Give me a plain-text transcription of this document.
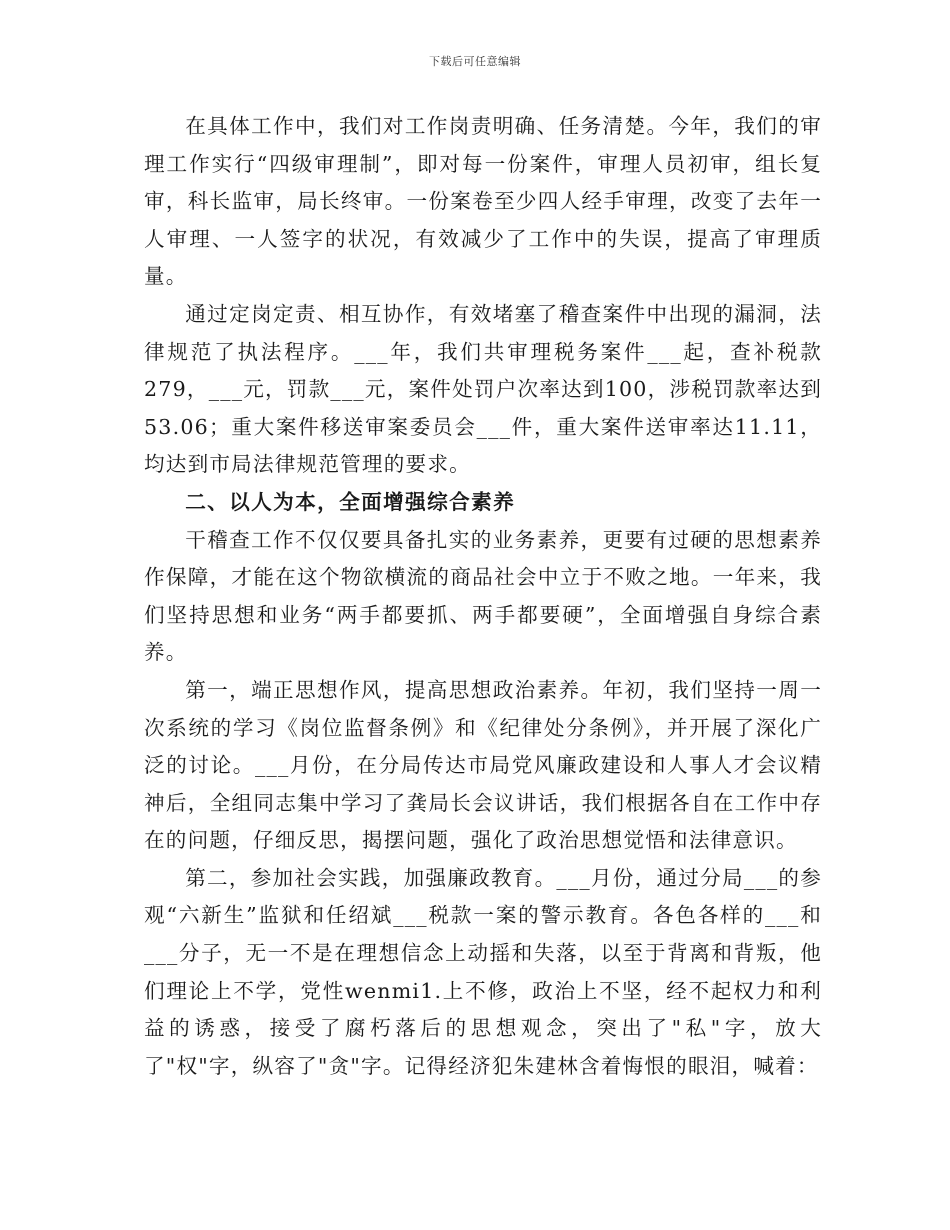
下载后可任意编辑

在具体工作中，我们对工作岗责明确、任务清楚。今年，我们的审理工作实行“四级审理制”，即对每一份案件，审理人员初审，组长复审，科长监审，局长终审。一份案卷至少四人经手审理，改变了去年一人审理、一人签字的状况，有效减少了工作中的失误，提高了审理质量。

通过定岗定责、相互协作，有效堵塞了稽查案件中出现的漏洞，法律规范了执法程序。___年，我们共审理税务案件___起，查补税款279，___元，罚款___元，案件处罚户次率达到100，涉税罚款率达到53.06；重大案件移送审案委员会___件，重大案件送审率达11.11，均达到市局法律规范管理的要求。

二、以人为本，全面增强综合素养

干稽查工作不仅仅要具备扎实的业务素养，更要有过硬的思想素养作保障，才能在这个物欲横流的商品社会中立于不败之地。一年来，我们坚持思想和业务“两手都要抓、两手都要硬”，全面增强自身综合素养。

第一，端正思想作风，提高思想政治素养。年初，我们坚持一周一次系统的学习《岗位监督条例》和《纪律处分条例》，并开展了深化广泛的讨论。___月份，在分局传达市局党风廉政建设和人事人才会议精神后，全组同志集中学习了龚局长会议讲话，我们根据各自在工作中存在的问题，仔细反思，揭摆问题，强化了政治思想觉悟和法律意识。

第二，参加社会实践，加强廉政教育。___月份，通过分局___的参观“六新生”监狱和任绍斌___税款一案的警示教育。各色各样的___和___分子，无一不是在理想信念上动摇和失落，以至于背离和背叛，他们理论上不学，党性wenmi1.上不修，政治上不坚，经不起权力和利益的诱惑，接受了腐朽落后的思想观念，突出了"私"字，放大了"权"字，纵容了"贪"字。记得经济犯朱建林含着悔恨的眼泪，喊着：
